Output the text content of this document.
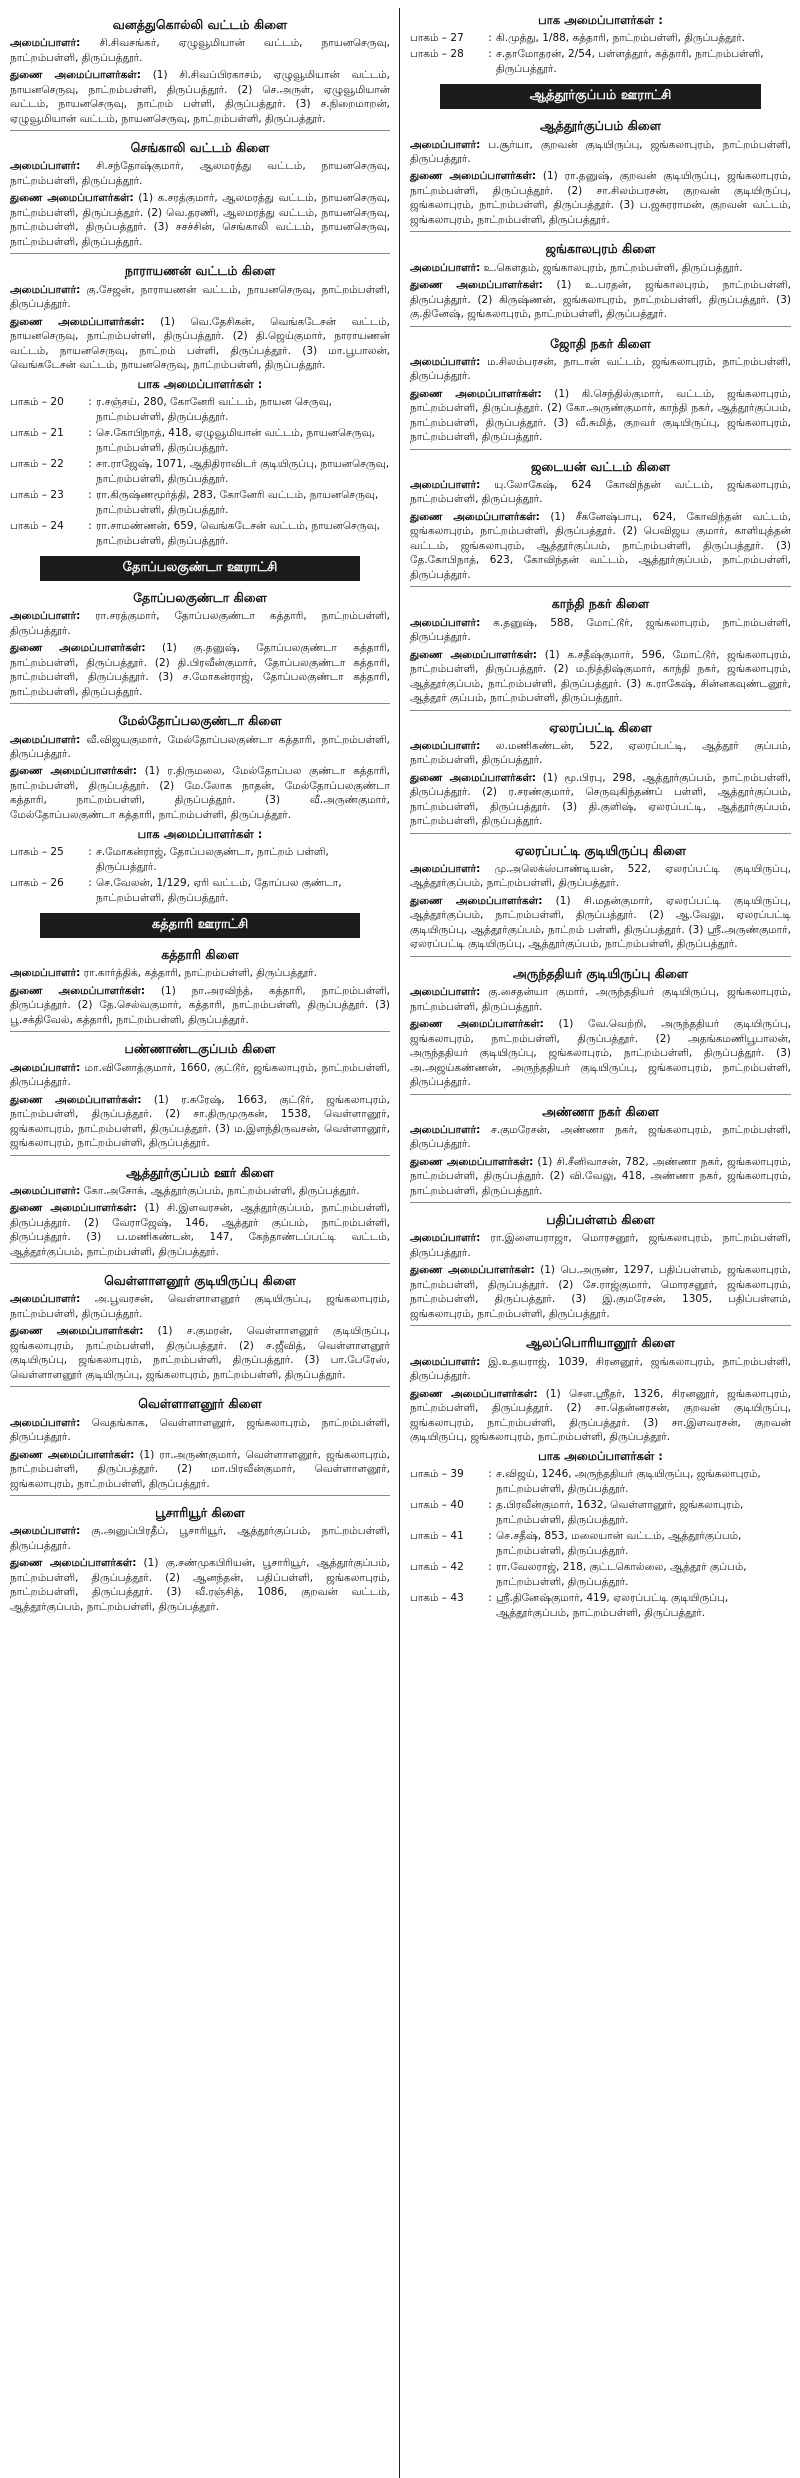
வனத்துகொல்லி வட்டம் கிளை

அமைப்பாளர்: சி.சிவசங்கர், ஏழுவூமியான் வட்டம், நாயனசெருவு, நாட்றம்பள்ளி, திருப்பத்தூர்.

துணை அமைப்பாளர்கள்: (1) சி.சிவப்பிரகாசம், ஏழுவூமியான் வட்டம், நாயனசெருவு, நாட்றம்பள்ளி, திருப்பத்தூர். (2) செ.அருள், ஏழுவூமியான் வட்டம், நாயனசெருவு, நாட்றம் பள்ளி, திருப்பத்தூர். (3) ச.நிறைமாறன், ஏழுவூமியான் வட்டம், நாயனசெருவு, நாட்றம்பள்ளி, திருப்பத்தூர்.

செங்காலி வட்டம் கிளை

அமைப்பாளர்: சி.சந்தோஷ்குமார், ஆலமரத்து வட்டம், நாயனசெருவு, நாட்றம்பள்ளி, திருப்பத்தூர்.

துணை அமைப்பாளர்கள்: (1) க.சரத்குமார், ஆலமரத்து வட்டம், நாயனசெருவு, நாட்றம்பள்ளி, திருப்பத்தூர். (2) வெ.தரணி, ஆலமரத்து வட்டம், நாயனசெருவு, நாட்றம்பள்ளி, திருப்பத்தூர். (3) சசச்சின், செங்காலி வட்டம், நாயனசெருவு, நாட்றம்பள்ளி, திருப்பத்தூர்.

நாராயணன் வட்டம் கிளை

அமைப்பாளர்: கு.சேஜன், நாராயணன் வட்டம், நாயனசெருவு, நாட்றம்பள்ளி, திருப்பத்தூர்.

துணை அமைப்பாளர்கள்: (1) வெ.தேசிகன், வெங்கடேசன் வட்டம், நாயனசெருவு, நாட்றம்பள்ளி, திருப்பத்தூர். (2) தி.ஜெய்குமார், நாராயணன் வட்டம், நாயனசெருவு, நாட்றம் பள்ளி, திருப்பத்தூர். (3) மா.பூபாலன், வெங்கடேசன் வட்டம், நாயனசெருவு, நாட்றம்பள்ளி, திருப்பத்தூர்.

பாக அமைப்பாளர்கள் :
பாகம் – 20	:	ர.சஞ்சய், 280, கோனேரி வட்டம், நாயன செருவு, நாட்றம்பள்ளி, திருப்பத்தூர்.
பாகம் – 21	:	செ.கோபிநாத், 418, ஏழுவூமியான் வட்டம், நாயனசெருவு, நாட்றம்பள்ளி, திருப்பத்தூர்.
பாகம் – 22	:	சா.ராஜேஷ், 1071, ஆதிதிராவிடர் குடியிருப்பு, நாயனசெருவு, நாட்றம்பள்ளி, திருப்பத்தூர்.
பாகம் – 23	:	ரா.கிருஷ்ணமூர்த்தி, 283, கோனேரி வட்டம், நாயனசெருவு, நாட்றம்பள்ளி, திருப்பத்தூர்.
பாகம் – 24	:	ரா.சாமண்ணன், 659, வெங்கடேசன் வட்டம், நாயனசெருவு, நாட்றம்பள்ளி, திருப்பத்தூர்.
தோப்பலகுண்டா ஊராட்சி
தோப்பலகுண்டா கிளை

அமைப்பாளர்: ரா.சரத்குமார், தோப்பலகுண்டா கத்தாரி, நாட்றம்பள்ளி, திருப்பத்தூர்.

துணை அமைப்பாளர்கள்: (1) கு.தனுஷ், தோப்பலகுண்டா கத்தாரி, நாட்றம்பள்ளி, திருப்பத்தூர். (2) தி.பிரவீன்குமார், தோப்பலகுண்டா கத்தாரி, நாட்றம்பள்ளி, திருப்பத்தூர். (3) ச.மோகன்ராஜ், தோப்பலகுண்டா கத்தாரி, நாட்றம்பள்ளி, திருப்பத்தூர்.

மேல்தோப்பலகுண்டா கிளை

அமைப்பாளர்: வீ.விஜயகுமார், மேல்தோப்பலகுண்டா கத்தாரி, நாட்றம்பள்ளி, திருப்பத்தூர்.

துணை அமைப்பாளர்கள்: (1) ர.திருமலை, மேல்தோப்பல குண்டா கத்தாரி, நாட்றம்பள்ளி, திருப்பத்தூர். (2) மே.லோக நாதன், மேல்தோப்பலகுண்டா கத்தாரி, நாட்றம்பள்ளி, திருப்பத்தூர். (3) வீ.அருண்குமார், மேல்தோப்பலகுண்டா கத்தாரி, நாட்றம்பள்ளி, திருப்பத்தூர்.

பாக அமைப்பாளர்கள் :
பாகம் – 25	:	ச.மோகன்ராஜ், தோப்பலகுண்டா, நாட்றம் பள்ளி, திருப்பத்தூர்.
பாகம் – 26	:	செ.வேலன், 1/129, ஏரி வட்டம், தோப்பல குண்டா, நாட்றம்பள்ளி, திருப்பத்தூர்.
கத்தாரி ஊராட்சி
கத்தாரி கிளை

அமைப்பாளர்: ரா.கார்த்திக், கத்தாரி, நாட்றம்பள்ளி, திருப்பத்தூர்.

துணை அமைப்பாளர்கள்: (1) நா.அரவிந்த், கத்தாரி, நாட்றம்பள்ளி, திருப்பத்தூர். (2) தே.செல்வகுமார், கத்தாரி, நாட்றம்பள்ளி, திருப்பத்தூர். (3) பூ.சக்திவேல், கத்தாரி, நாட்றம்பள்ளி, திருப்பத்தூர்.

பண்ணாண்டகுப்பம் கிளை

அமைப்பாளர்: மா.வினோத்குமார், 1660, குட்டூர், ஜங்கலாபுரம், நாட்றம்பள்ளி, திருப்பத்தூர்.

துணை அமைப்பாளர்கள்: (1) ர.சுரேஷ், 1663, குட்டூர், ஜங்கலாபுரம், நாட்றம்பள்ளி, திருப்பத்தூர். (2) சா.திருமுருகன், 1538, வெள்ளானூர், ஜங்கலாபுரம், நாட்றம்பள்ளி, திருப்பத்தூர். (3) ம.இளந்திருவசன், வெள்ளானூர், ஜங்கலாபுரம், நாட்றம்பள்ளி, திருப்பத்தூர்.

ஆத்தூர்குப்பம் ஊர் கிளை

அமைப்பாளர்: கோ.அசோக், ஆத்தூர்குப்பம், நாட்றம்பள்ளி, திருப்பத்தூர்.

துணை அமைப்பாளர்கள்: (1) சி.இளவரசன், ஆத்தூர்குப்பம், நாட்றம்பள்ளி, திருப்பத்தூர். (2) வேராஜேஷ், 146, ஆத்தூர் குப்பம், நாட்றம்பள்ளி, திருப்பத்தூர். (3) ப.மணிகண்டன், 147, கேந்தாண்டப்பட்டி வட்டம், ஆத்தூர்குப்பம், நாட்றம்பள்ளி, திருப்பத்தூர்.

வெள்ளாளனூர் குடியிருப்பு கிளை

அமைப்பாளர்: அ.பூவரசன், வெள்ளாளனூர் குடியிருப்பு, ஜங்கலாபுரம், நாட்றம்பள்ளி, திருப்பத்தூர்.

துணை அமைப்பாளர்கள்: (1) ச.குமரன், வெள்ளாளனூர் குடியிருப்பு, ஜங்கலாபுரம், நாட்றம்பள்ளி, திருப்பத்தூர். (2) ச.ஜீவித், வெள்ளாளனூர் குடியிருப்பு, ஜங்கலாபுரம், நாட்றம்பள்ளி, திருப்பத்தூர். (3) பா.பேரேஸ், வெள்ளாளனூர் குடியிருப்பு, ஜங்கலாபுரம், நாட்றம்பள்ளி, திருப்பத்தூர்.

வெள்ளாளனூர் கிளை

அமைப்பாளர்: வெதங்காக, வெள்ளாளனூர், ஜங்கலாபுரம், நாட்றம்பள்ளி, திருப்பத்தூர்.

துணை அமைப்பாளர்கள்: (1) ரா.அருண்குமார், வெள்ளாளனூர், ஜங்கலாபுரம், நாட்றம்பள்ளி, திருப்பத்தூர். (2) மா.பிரவீன்குமார், வெள்ளாளனூர், ஜங்கலாபுரம், நாட்றம்பள்ளி, திருப்பத்தூர்.

பூசாரியூர் கிளை

அமைப்பாளர்: கு.அனுப்பிரதீப், பூசாரியூர், ஆத்தூர்குப்பம், நாட்றம்பள்ளி, திருப்பத்தூர்.

துணை அமைப்பாளர்கள்: (1) கு.சண்முகபிரியன், பூசாரியூர், ஆத்தூர்குப்பம், நாட்றம்பள்ளி, திருப்பத்தூர். (2) ஆனந்தன், பதிப்பள்ளி, ஜங்கலாபுரம், நாட்றம்பள்ளி, திருப்பத்தூர். (3) வீ.ரஞ்சித், 1086, குறவன் வட்டம், ஆத்தூர்குப்பம், நாட்றம்பள்ளி, திருப்பத்தூர்.

பாக அமைப்பாளர்கள் :
பாகம் – 27	:	கி.முத்து, 1/88, கத்தாரி, நாட்றம்பள்ளி, திருப்பத்தூர்.
பாகம் – 28	:	ச.தாமோதரன், 2/54, பள்ளத்தூர், கத்தாரி, நாட்றம்பள்ளி, திருப்பத்தூர்.
ஆத்தூர்குப்பம் ஊராட்சி
ஆத்தூர்குப்பம் கிளை

அமைப்பாளர்: ப.சூர்யா, குறவன் குடியிருப்பு, ஜங்கலாபுரம், நாட்றம்பள்ளி, திருப்பத்தூர்.

துணை அமைப்பாளர்கள்: (1) ரா.தனுஷ், குறவன் குடியிருப்பு, ஜங்கலாபுரம், நாட்றம்பள்ளி, திருப்பத்தூர். (2) சா.சிலம்பரசன், குறவன் குடியிருப்பு, ஜங்கலாபுரம், நாட்றம்பள்ளி, திருப்பத்தூர். (3) ப.ஜசுரராமன், குறவன் வட்டம், ஜங்கலாபுரம், நாட்றம்பள்ளி, திருப்பத்தூர்.

ஜங்காலபுரம் கிளை

அமைப்பாளர்: உ.கௌதம், ஜங்காலபுரம், நாட்றம்பள்ளி, திருப்பத்தூர்.

துணை அமைப்பாளர்கள்: (1) உ.பரதன், ஜங்காலபுரம், நாட்றம்பள்ளி, திருப்பத்தூர். (2) கிருஷ்ணன், ஜங்கலாபுரம், நாட்றம்பள்ளி, திருப்பத்தூர். (3) கு.தினேஷ், ஜங்கலாபுரம், நாட்றம்பள்ளி, திருப்பத்தூர்.

ஜோதி நகர் கிளை

அமைப்பாளர்: ம.சிலம்பரசன், நாடான் வட்டம், ஜங்கலாபுரம், நாட்றம்பள்ளி, திருப்பத்தூர்.

துணை அமைப்பாளர்கள்: (1) கி.செந்தில்குமார், வட்டம், ஜங்கலாபுரம், நாட்றம்பள்ளி, திருப்பத்தூர். (2) கோ.அருண்குமார், காந்தி நகர், ஆத்தூர்குப்பம், நாட்றம்பள்ளி, திருப்பத்தூர். (3) வீ.சுமித், குறவர் குடியிருப்பு, ஜங்கலாபுரம், நாட்றம்பள்ளி, திருப்பத்தூர்.

ஜடையன் வட்டம் கிளை

அமைப்பாளர்: யு.லோகேஷ், 624 கோவிந்தன் வட்டம், ஜங்கலாபுரம், நாட்றம்பள்ளி, திருப்பத்தூர்.

துணை அமைப்பாளர்கள்: (1) சீகனேஷ்பாபு, 624, கோவிந்தன் வட்டம், ஜங்கலாபுரம், நாட்றம்பள்ளி, திருப்பத்தூர். (2) பெவிஜய குமார், காளியுத்தன் வட்டம், ஜங்கலாபுரம், ஆத்தூர்குப்பம், நாட்றம்பள்ளி, திருப்பத்தூர். (3) தே.கோபிநாத், 623, கோவிந்தன் வட்டம், ஆத்தூர்குப்பம், நாட்றம்பள்ளி, திருப்பத்தூர்.

காந்தி நகர் கிளை

அமைப்பாளர்: க.தனுஷ், 588, மோட்டூர், ஜங்கலாபுரம், நாட்றம்பள்ளி, திருப்பத்தூர்.

துணை அமைப்பாளர்கள்: (1) க.சதீஷ்குமார், 596, மோட்டூர், ஜங்கலாபுரம், நாட்றம்பள்ளி, திருப்பத்தூர். (2) ம.நித்திஷ்குமார், காந்தி நகர், ஜங்கலாபுரம், ஆத்தூர்குப்பம், நாட்றம்பள்ளி, திருப்பத்தூர். (3) க.ராகேஷ், சின்னகவுண்டனூர், ஆத்தூர் குப்பம், நாட்றம்பள்ளி, திருப்பத்தூர்.

ஏலரப்பட்டி கிளை

அமைப்பாளர்: ல.மணிகண்டன், 522, ஏலரப்பட்டி, ஆத்தூர் குப்பம், நாட்றம்பள்ளி, திருப்பத்தூர்.

துணை அமைப்பாளர்கள்: (1) மூ.பிரபு, 298, ஆத்தூர்குப்பம், நாட்றம்பள்ளி, திருப்பத்தூர். (2) ர.சரண்குமார், செருவுகிந்தண்ப் பள்ளி, ஆத்தூர்குப்பம், நாட்றம்பள்ளி, திருப்பத்தூர். (3) தி.குளிஷ், ஏலரப்பட்டி, ஆத்தூர்குப்பம், நாட்றம்பள்ளி, திருப்பத்தூர்.

ஏலரப்பட்டி குடியிருப்பு கிளை

அமைப்பாளர்: மு.அலெக்ஸ்பாண்டியன், 522, ஏலரப்பட்டி குடியிருப்பு, ஆத்தூர்குப்பம், நாட்றம்பள்ளி, திருப்பத்தூர்.

துணை அமைப்பாளர்கள்: (1) சி.மதன்குமார், ஏலரப்பட்டி குடியிருப்பு, ஆத்தூர்குப்பம், நாட்றம்பள்ளி, திருப்பத்தூர். (2) ஆ.வேலு, ஏலரப்பட்டி குடியிருப்பு, ஆத்தூர்குப்பம், நாட்றம் பள்ளி, திருப்பத்தூர். (3) ஸ்ரீ.அருண்குமார், ஏலரப்பட்டி குடியிருப்பு, ஆத்தூர்குப்பம், நாட்றம்பள்ளி, திருப்பத்தூர்.

அருந்ததியர் குடியிருப்பு கிளை

அமைப்பாளர்: கு.சைதன்யா குமார், அருந்ததியர் குடியிருப்பு, ஜங்கலாபுரம், நாட்றம்பள்ளி, திருப்பத்தூர்.

துணை அமைப்பாளர்கள்: (1) வே.வெற்றி, அருந்ததியர் குடியிருப்பு, ஜங்கலாபுரம், நாட்றம்பள்ளி, திருப்பத்தூர். (2) அதங்கமணிபூபாலன், அருந்ததியர் குடியிருப்பு, ஜங்கலாபுரம், நாட்றம்பள்ளி, திருப்பத்தூர். (3) அ.அஜய்கண்ணன், அருந்ததியர் குடியிருப்பு, ஜங்கலாபுரம், நாட்றம்பள்ளி, திருப்பத்தூர்.

அண்ணா நகர் கிளை

அமைப்பாளர்: ச.குமரேசன், அண்ணா நகர், ஜங்கலாபுரம், நாட்றம்பள்ளி, திருப்பத்தூர்.

துணை அமைப்பாளர்கள்: (1) சி.சீனிவாசன், 782, அண்ணா நகர், ஜங்கலாபுரம், நாட்றம்பள்ளி, திருப்பத்தூர். (2) வி.வேலு, 418, அண்ணா நகர், ஜங்கலாபுரம், நாட்றம்பள்ளி, திருப்பத்தூர்.

பதிப்பள்ளம் கிளை

அமைப்பாளர்: ரா.இளையராஜா, மொரசனூர், ஜங்கலாபுரம், நாட்றம்பள்ளி, திருப்பத்தூர்.

துணை அமைப்பாளர்கள்: (1) பெ.அருண், 1297, பதிப்பள்ளம், ஜங்கலாபுரம், நாட்றம்பள்ளி, திருப்பத்தூர். (2) சே.ராஜ்குமார், மொரசனூர், ஜங்கலாபுரம், நாட்றம்பள்ளி, திருப்பத்தூர். (3) இ.குமரேசன், 1305, பதிப்பள்ளம், ஜங்கலாபுரம், நாட்றம்பள்ளி, திருப்பத்தூர்.

ஆலப்பொரியானூர் கிளை

அமைப்பாளர்: இ.உதயராஜ், 1039, சிரனனூர், ஜங்கலாபுரம், நாட்றம்பள்ளி, திருப்பத்தூர்.

துணை அமைப்பாளர்கள்: (1) சௌ.ஸ்ரீதர், 1326, சிரனனூர், ஜங்கலாபுரம், நாட்றம்பள்ளி, திருப்பத்தூர். (2) சா.தென்னரசன், குறவன் குடியிருப்பு, ஜங்கலாபுரம், நாட்றம்பள்ளி, திருப்பத்தூர். (3) சா.இளவரசன், குறவன் குடியிருப்பு, ஜங்கலாபுரம், நாட்றம்பள்ளி, திருப்பத்தூர்.

பாக அமைப்பாளர்கள் :
பாகம் – 39	:	ச.விஜய், 1246, அருந்ததியர் குடியிருப்பு, ஜங்கலாபுரம், நாட்றம்பள்ளி, திருப்பத்தூர்.
பாகம் – 40	:	த.பிரவீன்குமார், 1632, வெள்ளானூர், ஜங்கலாபுரம், நாட்றம்பள்ளி, திருப்பத்தூர்.
பாகம் – 41	:	செ.சதீஷ், 853, மலையான் வட்டம், ஆத்தூர்குப்பம், நாட்றம்பள்ளி, திருப்பத்தூர்.
பாகம் – 42	:	ரா.வேலராஜ், 218, குட்டகொல்லை, ஆத்தூர் குப்பம், நாட்றம்பள்ளி, திருப்பத்தூர்.
பாகம் – 43	:	ஸ்ரீ.தினேஷ்குமார், 419, ஏலரப்பட்டி குடியிருப்பு, ஆத்தூர்குப்பம், நாட்றம்பள்ளி, திருப்பத்தூர்.
